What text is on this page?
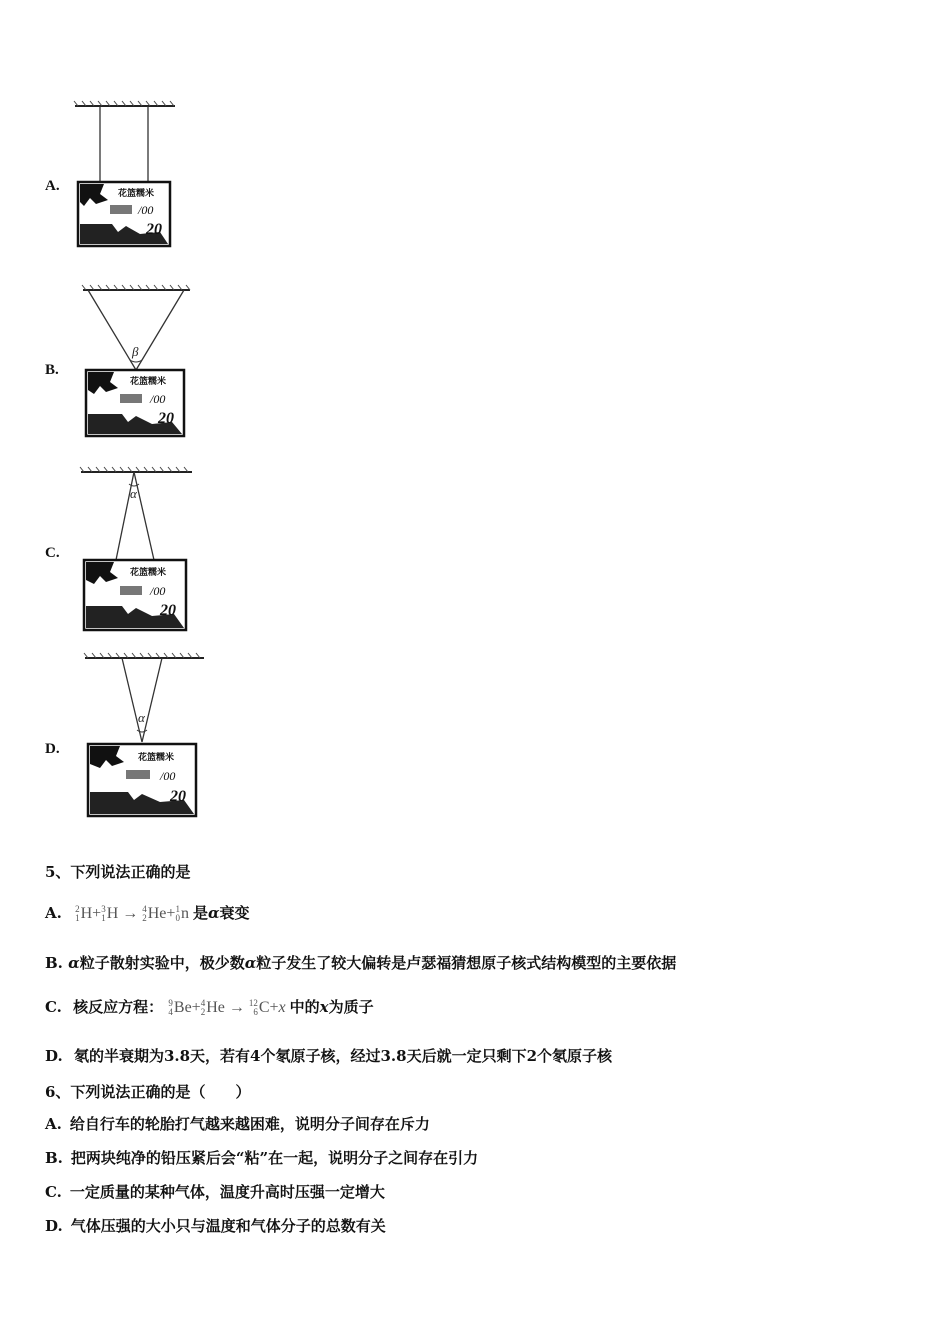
A.	花篮糯米
/00
20
B.
β
花篮糯米
/00
20
C.
α
花篮糯米
/00
20
D.
α
花篮糯米
/00
20
5、下列说法正确的是
A. 2
1 H+ 3
1 H → 4
2 He+ 1
0 n 是α衰变
B. α粒子散射实验中，极少数α粒子发生了较大偏转是卢瑟福猜想原子核式结构模型的主要依据
C. 核反应方程： 9
4 Be+ 4
2 He → 12
6 C+x 中的x为质子
D. 氡的半衰期为3.8天，若有4个氡原子核，经过3.8天后就一定只剩下2个氡原子核
6、下列说法正确的是（　　）
A. 给自行车的轮胎打气越来越困难，说明分子间存在斥力
B. 把两块纯净的铅压紧后会“粘”在一起，说明分子之间存在引力
C. 一定质量的某种气体，温度升高时压强一定增大
D. 气体压强的大小只与温度和气体分子的总数有关
